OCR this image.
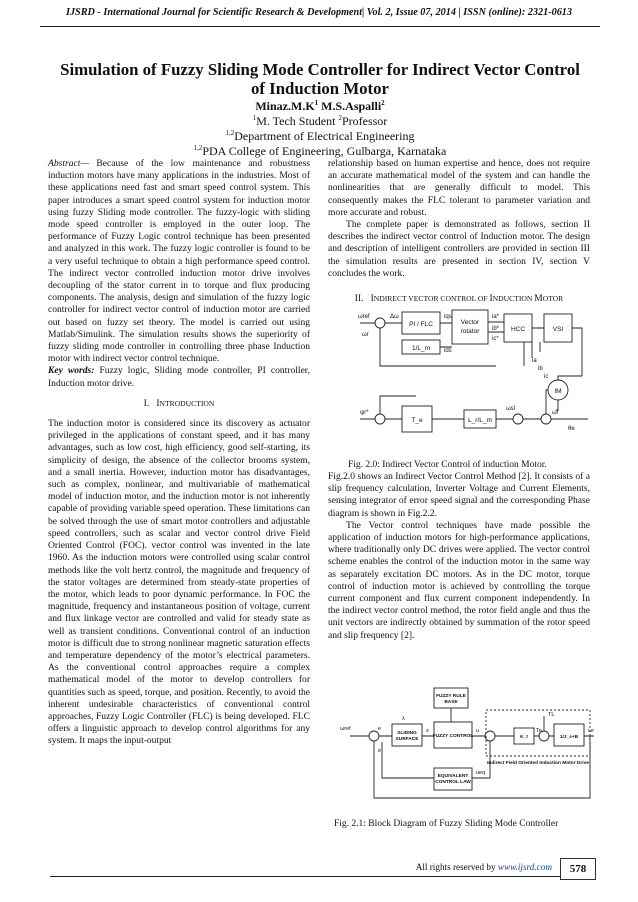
IJSRD - International Journal for Scientific Research & Development| Vol. 2, Issue 07, 2014 | ISSN (online): 2321-0613
Simulation of Fuzzy Sliding Mode Controller for Indirect Vector Control
of Induction Motor
$Minaz.M.K^1$ M.S.Aspalli$^2$
$^1$M. Tech Student $^2$Professor
$^{1,2}$Department of Electrical Engineering
$^{1,2}$PDA College of Engineering, Gulbarga, Karnataka

Abstract— Because of the low maintenance and robustness induction motors have many applications in the industries. Most of these applications need fast and smart speed control system. This paper introduces a smart speed control system for induction motor using fuzzy Sliding mode controller. The fuzzy-logic with sliding mode speed controller is employed in the outer loop. The performance of Fuzzy Logic control technique has been presented and analyzed in this work. The fuzzy logic controller is found to be a very useful technique to obtain a high performance speed control. The indirect vector controlled induction motor drive involves decoupling of the stator current in to torque and flux producing components. The analysis, design and simulation of the fuzzy logic controller for indirect vector control of induction motor are carried out based on fuzzy set theory. The model is carried out using Matlab/Simulink. The simulation results shows the superiority of fuzzy sliding mode controller in controlling three phase Induction motor with indirect vector control technique.

Key words: Fuzzy logic, Sliding mode controller, PI controller, Induction motor drive.

I. INTRODUCTION

The induction motor is considered since its discovery as actuator privileged in the applications of constant speed, and it has many advantages, such as low cost, high efficiency, good self-starting, its simplicity of design, the absence of the collector brooms system, and a small inertia. However, induction motor has disadvantages, such as complex, nonlinear, and multivariable of mathematical model of induction motor, and the induction motor is not inherently capable of providing variable speed operation. These limitations can be solved through the use of smart motor controllers and adjustable speed controllers, such as scalar and vector control drive Field Oriented Control (FOC). vector control was invented in the late 1960. As the induction motors were controlled using scalar control methods like the volt hertz control, the magnitude and frequency of the stator voltages are determined from steady-state properties of the motor, which leads to poor dynamic performance. In FOC the magnitude, frequency and instantaneous position of voltage, current and flux linkage vector are controlled and valid for steady state as well as transient conditions. Conventional control of an induction motor is difficult due to strong nonlinear magnetic saturation effects and temperature dependency of the motor’s electrical parameters. As the conventional control approaches require a complex mathematical model of the motor to develop controllers for quantities such as speed, torque, and position. Recently, to avoid the inherent undesirable characteristics of conventional control approaches, Fuzzy Logic Controller (FLC) is being developed. FLC offers a linguistic approach to develop control algorithms for any system. It maps the input-output

relationship based on human expertise and hence, does not require an accurate mathematical model of the system and can handle the nonlinearities that are generally difficult to model. This consequently makes the FLC tolerant to parameter variation and more accurate and robust.

The complete paper is demonstrated as follows, section II describes the indirect vector control of Induction motor. The design and description of intelligent controllers are provided in section III the simulation results are presented in section IV, section V concludes the work.

II. INDIRECT VECTOR CONTROL OF INDUCTION MOTOR
ωref	Δω
ωr
iqs
ids
ia*
ib*
ic*
ia
ib
ic
ψr*
ωsl
ωr
θe
PI / FLC	Vector
rotator	HCC	VSI
IM
T_e	L_r/L_m
1/L_m
Fig. 2.0: Indirect Vector Control of induction Motor.

Fig.2.0 shows an Indirect Vector Control Method [2]. It consists of a slip frequency calculation, Inverter Voltage and Current Elements, sensing integrator of error speed signal and the corresponding Phase diagram is shown in Fig.2.2.

The Vector control techniques have made possible the application of induction motors for high-performance applications, where traditionally only DC drives were applied. The vector control scheme enables the control of the induction motor in the same way as separately excitation DC motors. As in the DC motor, torque control of induction motor is achieved by controlling the torque current component and flux current component independently. In the indirect vector control method, the rotor field angle and thus the unit vectors are indirectly obtained by summation of the rotor speed and slip frequency [2].

ωref	e
ė
λ
s	u
ueq
Te
TL
ωr
FUZZY RULE
BASE
SLIDING
SURFACE
FUZZY CONTROL
EQUIVALENT
CONTROL LAW
K_t	1/J_s+B
Indirect Field Oriented Induction Motor Drive
Fig. 2.1: Block Diagram of Fuzzy Sliding Mode Controller
All rights reserved by www.ijsrd.com	578
